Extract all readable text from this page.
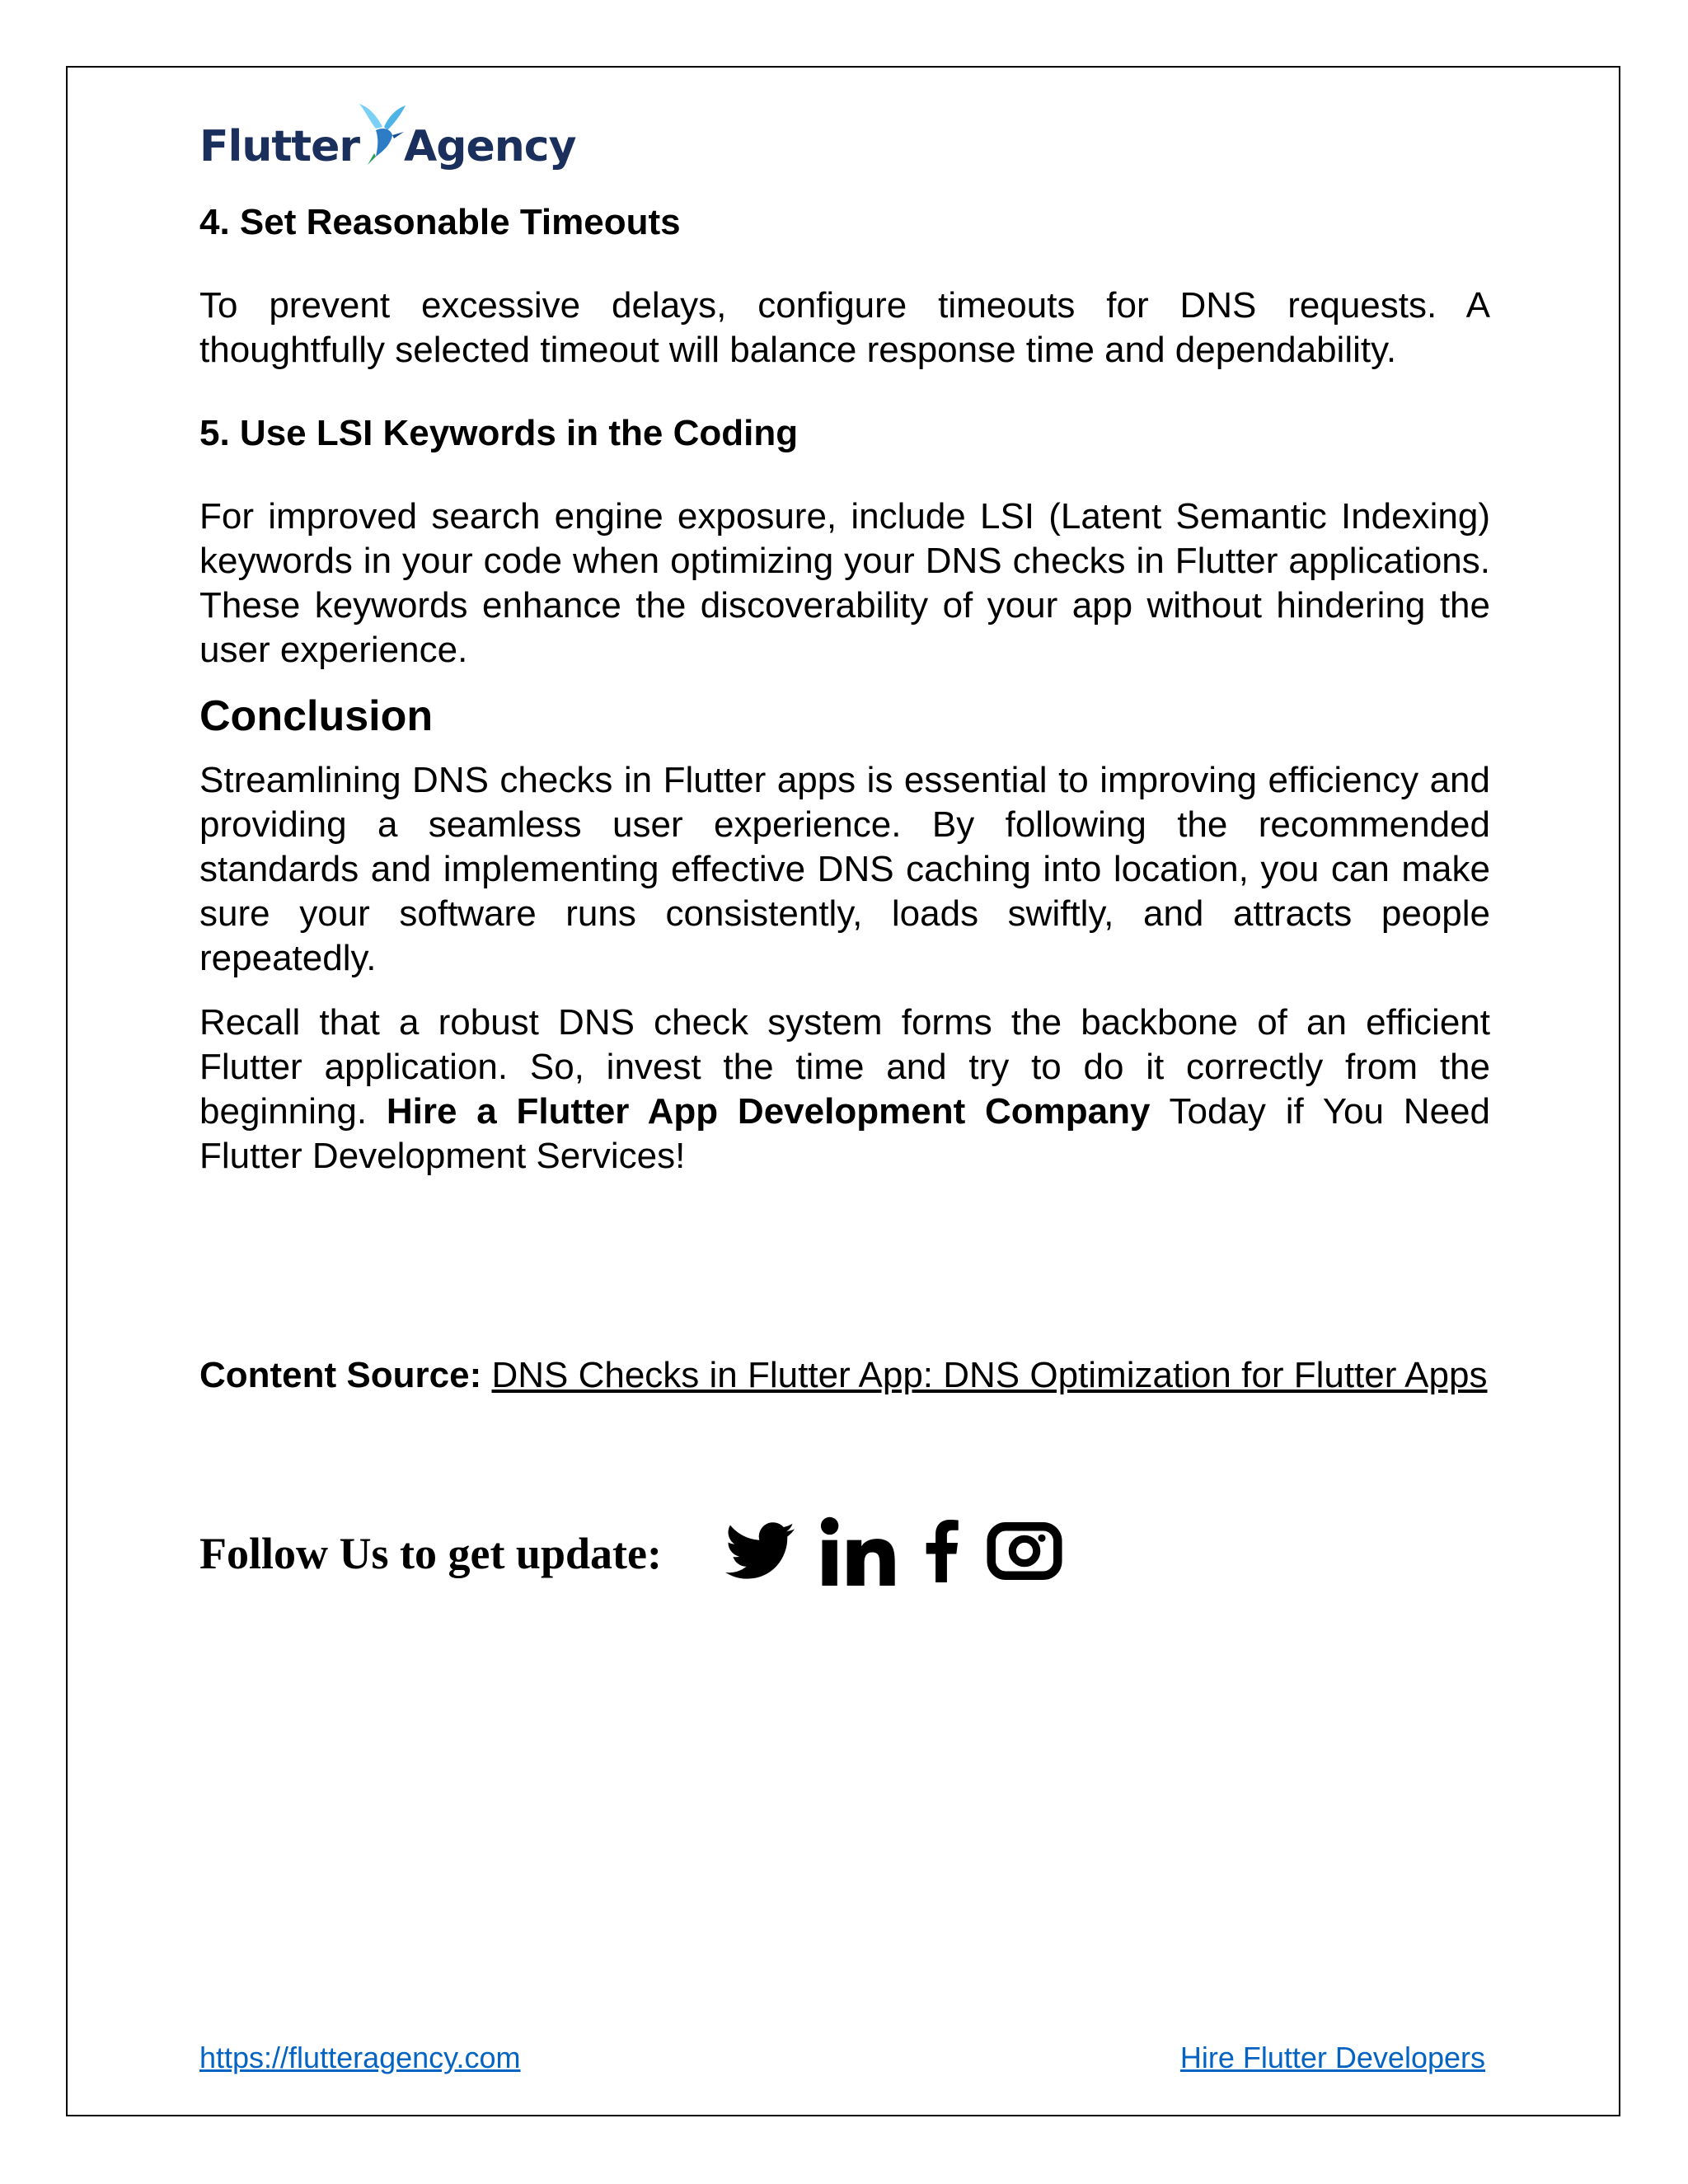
Flutter Agency

4. Set Reasonable Timeouts

To prevent excessive delays, configure timeouts for DNS requests. A thoughtfully selected timeout will balance response time and dependability.

5. Use LSI Keywords in the Coding

For improved search engine exposure, include LSI (Latent Semantic Indexing) keywords in your code when optimizing your DNS checks in Flutter applications. These keywords enhance the discoverability of your app without hindering the user experience.

Conclusion

Streamlining DNS checks in Flutter apps is essential to improving efficiency and providing a seamless user experience. By following the recommended standards and implementing effective DNS caching into location, you can make sure your software runs consistently, loads swiftly, and attracts people repeatedly.

Recall that a robust DNS check system forms the backbone of an efficient Flutter application. So, invest the time and try to do it correctly from the beginning. Hire a Flutter App Development Company Today if You Need Flutter Development Services!

Content Source: DNS Checks in Flutter App: DNS Optimization for Flutter Apps

Follow Us to get update:
https://flutteragency.com	Hire Flutter Developers
